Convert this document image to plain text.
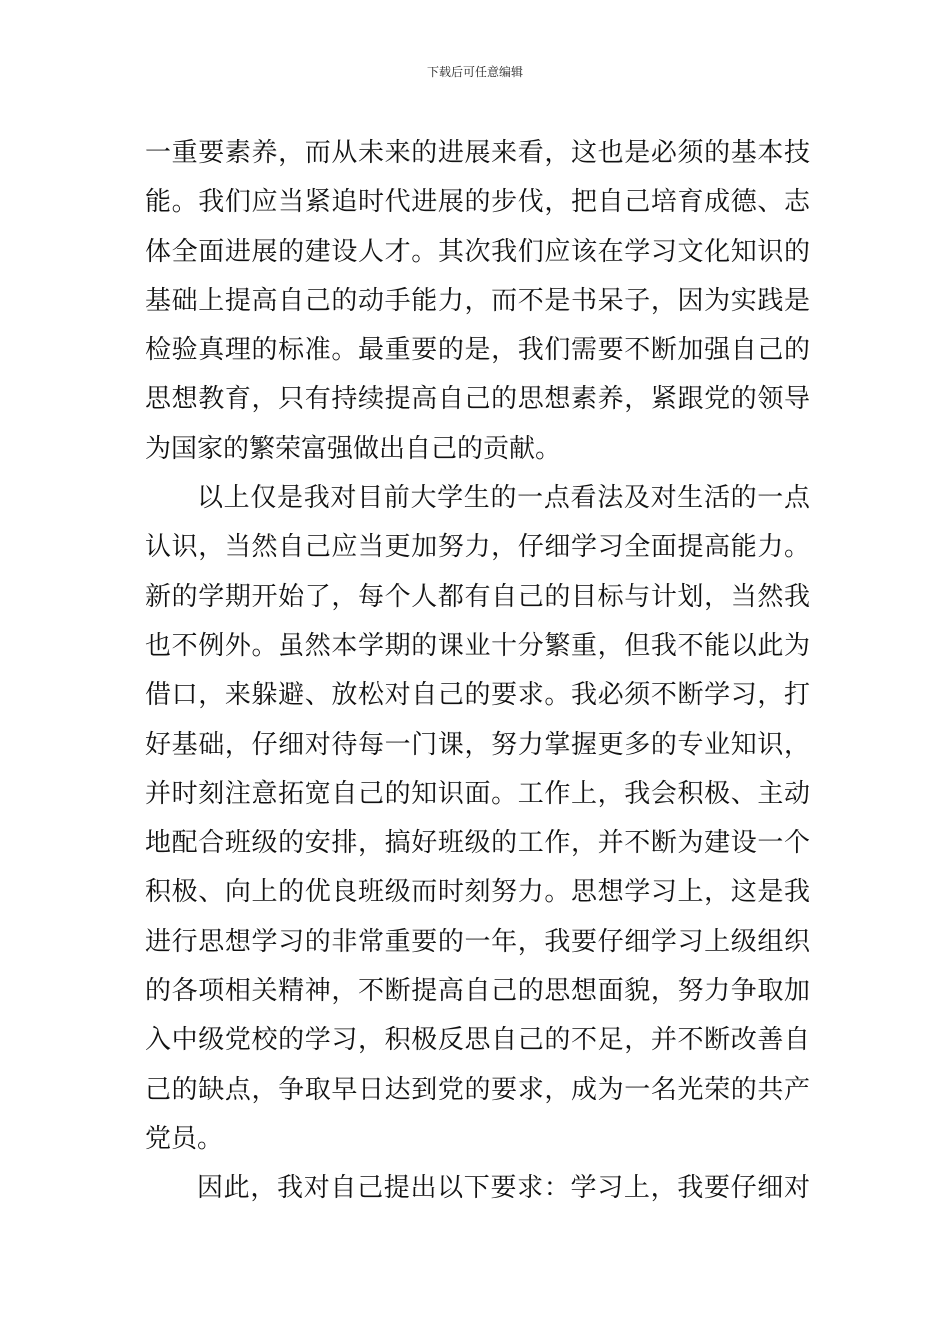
下载后可任意编辑
一重要素养，而从未来的进展来看，这也是必须的基本技
能。我们应当紧追时代进展的步伐，把自己培育成德、志
体全面进展的建设人才。其次我们应该在学习文化知识的
基础上提高自己的动手能力，而不是书呆子，因为实践是
检验真理的标准。最重要的是，我们需要不断加强自己的
思想教育，只有持续提高自己的思想素养，紧跟党的领导
为国家的繁荣富强做出自己的贡献。
以上仅是我对目前大学生的一点看法及对生活的一点
认识，当然自己应当更加努力，仔细学习全面提高能力。
新的学期开始了，每个人都有自己的目标与计划，当然我
也不例外。虽然本学期的课业十分繁重，但我不能以此为
借口，来躲避、放松对自己的要求。我必须不断学习，打
好基础，仔细对待每一门课，努力掌握更多的专业知识，
并时刻注意拓宽自己的知识面。工作上，我会积极、主动
地配合班级的安排，搞好班级的工作，并不断为建设一个
积极、向上的优良班级而时刻努力。思想学习上，这是我
进行思想学习的非常重要的一年，我要仔细学习上级组织
的各项相关精神，不断提高自己的思想面貌，努力争取加
入中级党校的学习，积极反思自己的不足，并不断改善自
己的缺点，争取早日达到党的要求，成为一名光荣的共产
党员。
因此，我对自己提出以下要求：学习上，我要仔细对
